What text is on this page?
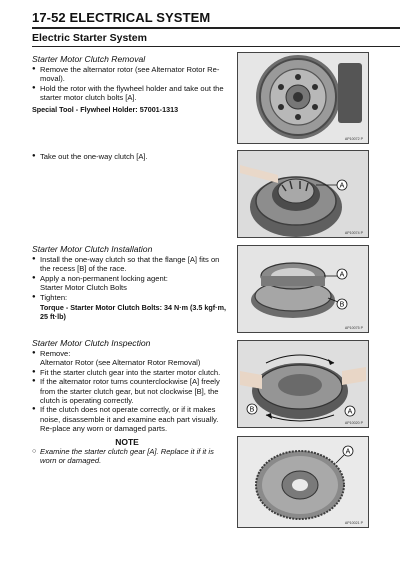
17-52 ELECTRICAL SYSTEM
Electric Starter System
Starter Motor Clutch Removal
● Remove the alternator rotor (see Alternator Rotor Re-moval).
● Hold the rotor with the flywheel holder and take out the starter motor clutch bolts [A].
Special Tool - Flywheel Holder: 57001-1313
● Take out the one-way clutch [A].
Starter Motor Clutch Installation
● Install the one-way clutch so that the flange [A] fits on the recess [B] of the race.
● Apply a non-permanent locking agent:
Starter Motor Clutch Bolts
● Tighten:
Torque - Starter Motor Clutch Bolts: 34 N·m (3.5 kgf·m, 25 ft·lb)
Starter Motor Clutch Inspection
● Remove:
Alternator Rotor (see Alternator Rotor Removal)
● Fit the starter clutch gear into the starter motor clutch.
● If the alternator rotor turns counterclockwise [A] freely from the starter clutch gear, but not clockwise [B], the clutch is operating correctly.
● If the clutch does not operate correctly, or if it makes noise, disassemble it and examine each part visually. Re-place any worn or damaged parts.
NOTE
○ Examine the starter clutch gear [A]. Replace it if it is worn or damaged.
AP10072 P
A
AP10074 P
A
B
AP10075 P
A
B
AP10020 P
A
AP10021 P
